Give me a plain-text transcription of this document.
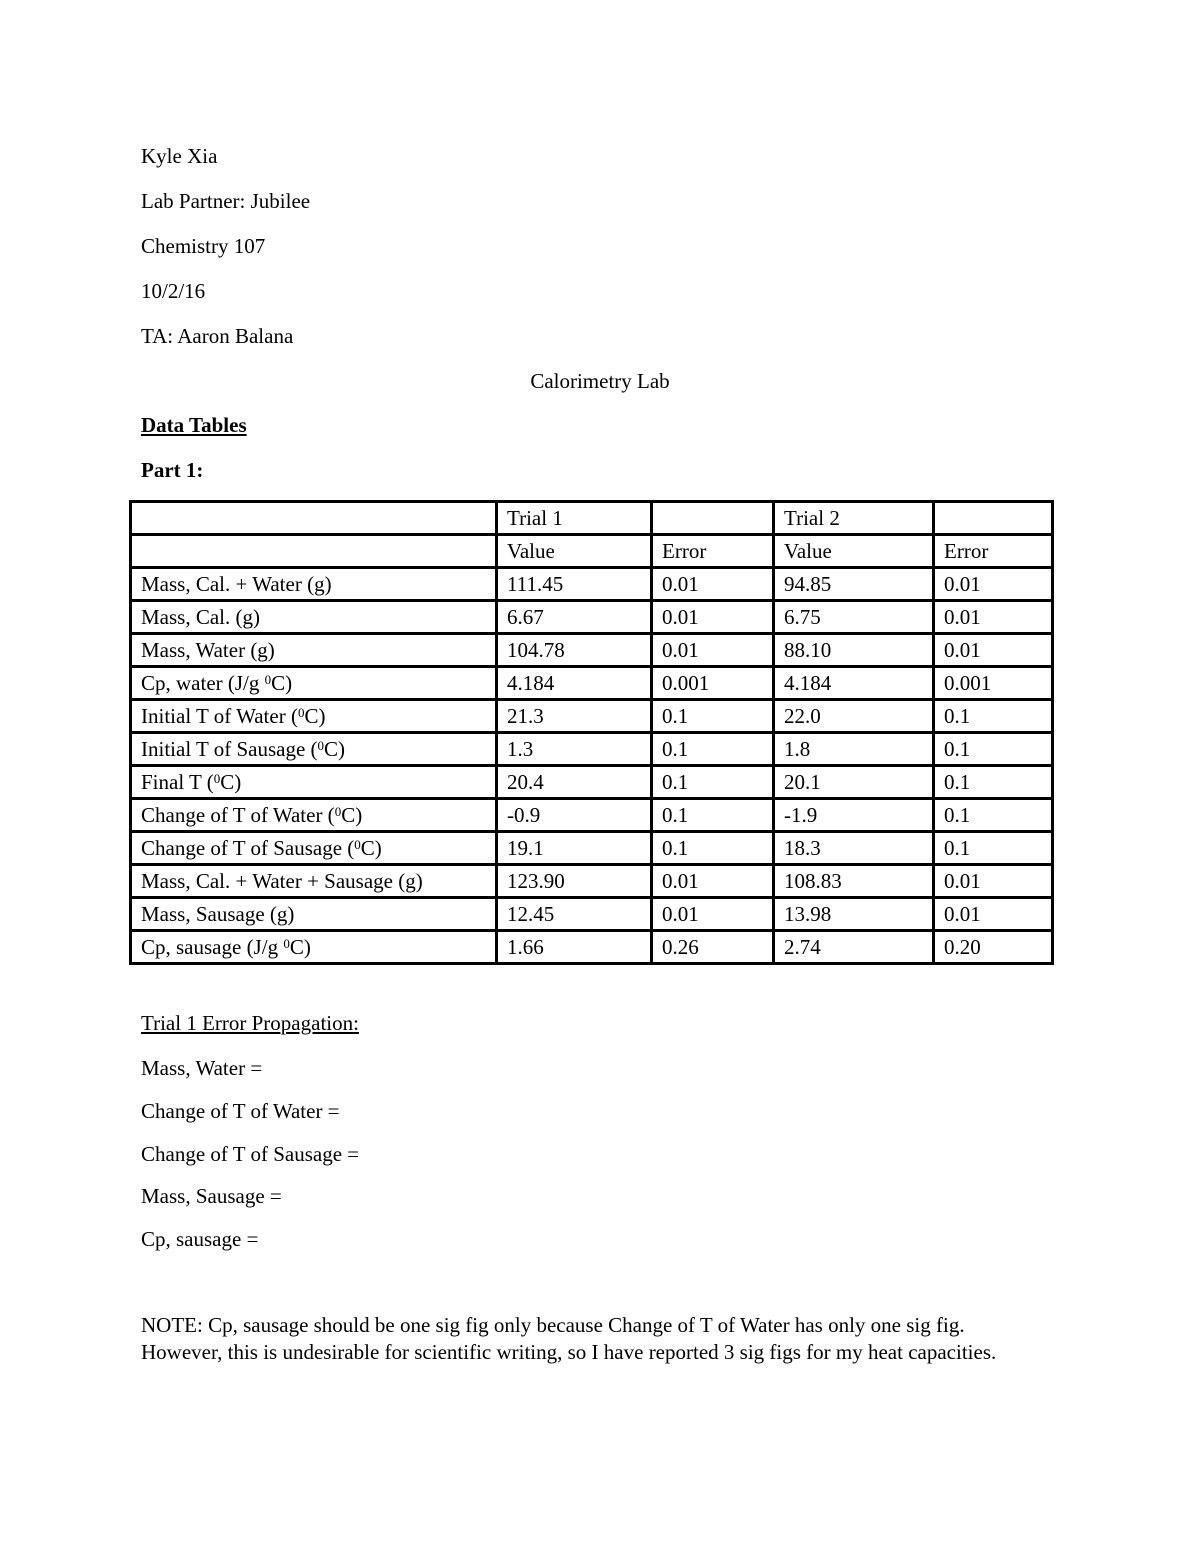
Kyle Xia
Lab Partner: Jubilee
Chemistry 107
10/2/16
TA: Aaron Balana
Calorimetry Lab
Data Tables
Part 1:
	Trial 1		Trial 2	
	Value	Error	Value	Error
Mass, Cal. + Water (g)	111.45	0.01	94.85	0.01
Mass, Cal. (g)	6.67	0.01	6.75	0.01
Mass, Water (g)	104.78	0.01	88.10	0.01
Cp, water (J/g $^0$C)	4.184	0.001	4.184	0.001
Initial T of Water ($^0$C)	21.3	0.1	22.0	0.1
Initial T of Sausage ($^0$C)	1.3	0.1	1.8	0.1
Final T ($^0$C)	20.4	0.1	20.1	0.1
Change of T of Water ($^0$C)	-0.9	0.1	-1.9	0.1
Change of T of Sausage ($^0$C)	19.1	0.1	18.3	0.1
Mass, Cal. + Water + Sausage (g)	123.90	0.01	108.83	0.01
Mass, Sausage (g)	12.45	0.01	13.98	0.01
Cp, sausage (J/g $^0$C)	1.66	0.26	2.74	0.20
Trial 1 Error Propagation:
Mass, Water =
Change of T of Water =
Change of T of Sausage =
Mass, Sausage =
Cp, sausage =
NOTE: Cp, sausage should be one sig fig only because Change of T of Water has only one sig fig. However, this is undesirable for scientific writing, so I have reported 3 sig figs for my heat capacities.
